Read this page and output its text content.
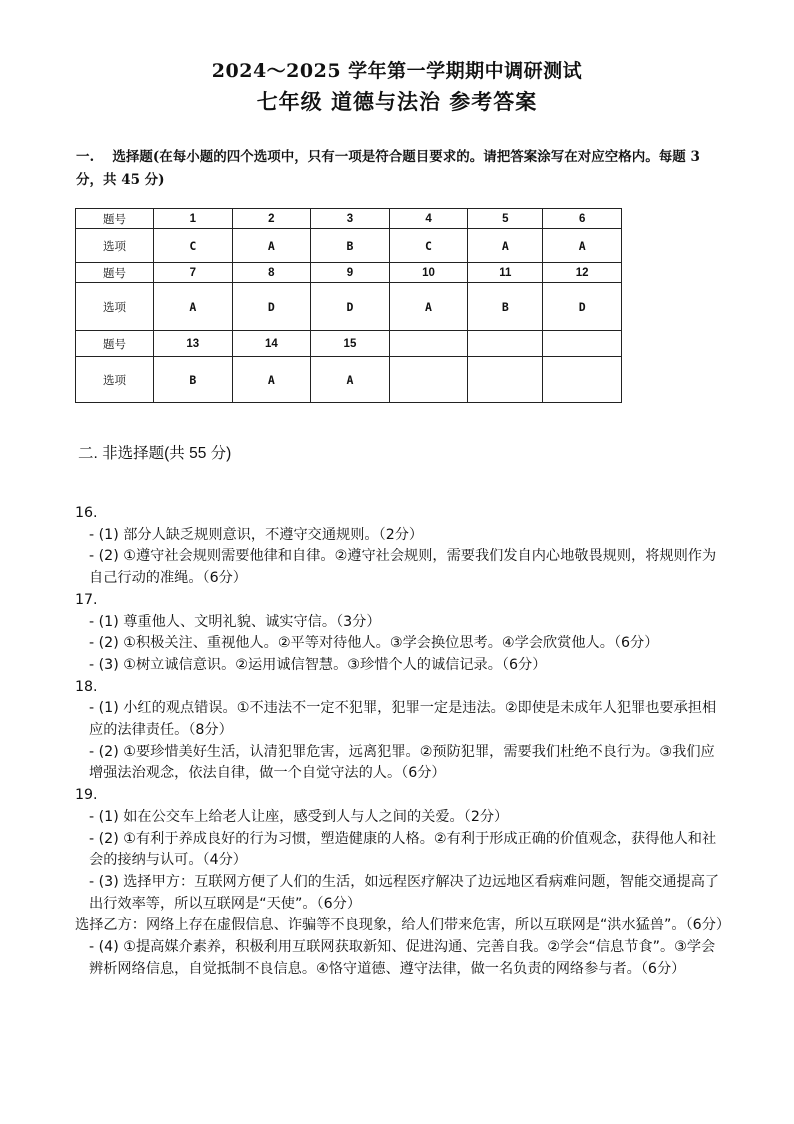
2024～2025 学年第一学期期中调研测试
七年级 道德与法治 参考答案
一.　 选择题(在每小题的四个选项中，只有一项是符合题目要求的。请把答案涂写在对应空格内。每题 3 分，共 45 分)
题号	1	2	3	4	5	6
选项	C	A	B	C	A	A
题号	7	8	9	10	11	12
选项	A	D	D	A	B	D
题号	13	14	15			
选项	B	A	A			
二. 非选择题(共 55 分)

16.

- (1) 部分人缺乏规则意识，不遵守交通规则。（2分）

- (2) ①遵守社会规则需要他律和自律。②遵守社会规则，需要我们发自内心地敬畏规则，将规则作为自己行动的准绳。（6分）

17.

- (1) 尊重他人、文明礼貌、诚实守信。（3分）

- (2) ①积极关注、重视他人。②平等对待他人。③学会换位思考。④学会欣赏他人。（6分）

- (3) ①树立诚信意识。②运用诚信智慧。③珍惜个人的诚信记录。（6分）

18.

- (1) 小红的观点错误。①不违法不一定不犯罪，犯罪一定是违法。②即使是未成年人犯罪也要承担相应的法律责任。（8分）

- (2) ①要珍惜美好生活，认清犯罪危害，远离犯罪。②预防犯罪，需要我们杜绝不良行为。③我们应增强法治观念，依法自律，做一个自觉守法的人。（6分）

19.

- (1) 如在公交车上给老人让座，感受到人与人之间的关爱。（2分）

- (2) ①有利于养成良好的行为习惯，塑造健康的人格。②有利于形成正确的价值观念，获得他人和社会的接纳与认可。（4分）

- (3) 选择甲方：互联网方便了人们的生活，如远程医疗解决了边远地区看病难问题，智能交通提高了出行效率等，所以互联网是“天使”。（6分）

选择乙方：网络上存在虚假信息、诈骗等不良现象，给人们带来危害，所以互联网是“洪水猛兽”。（6分）

- (4) ①提高媒介素养，积极利用互联网获取新知、促进沟通、完善自我。②学会“信息节食”。③学会辨析网络信息，自觉抵制不良信息。④恪守道德、遵守法律，做一名负责的网络参与者。（6分）
